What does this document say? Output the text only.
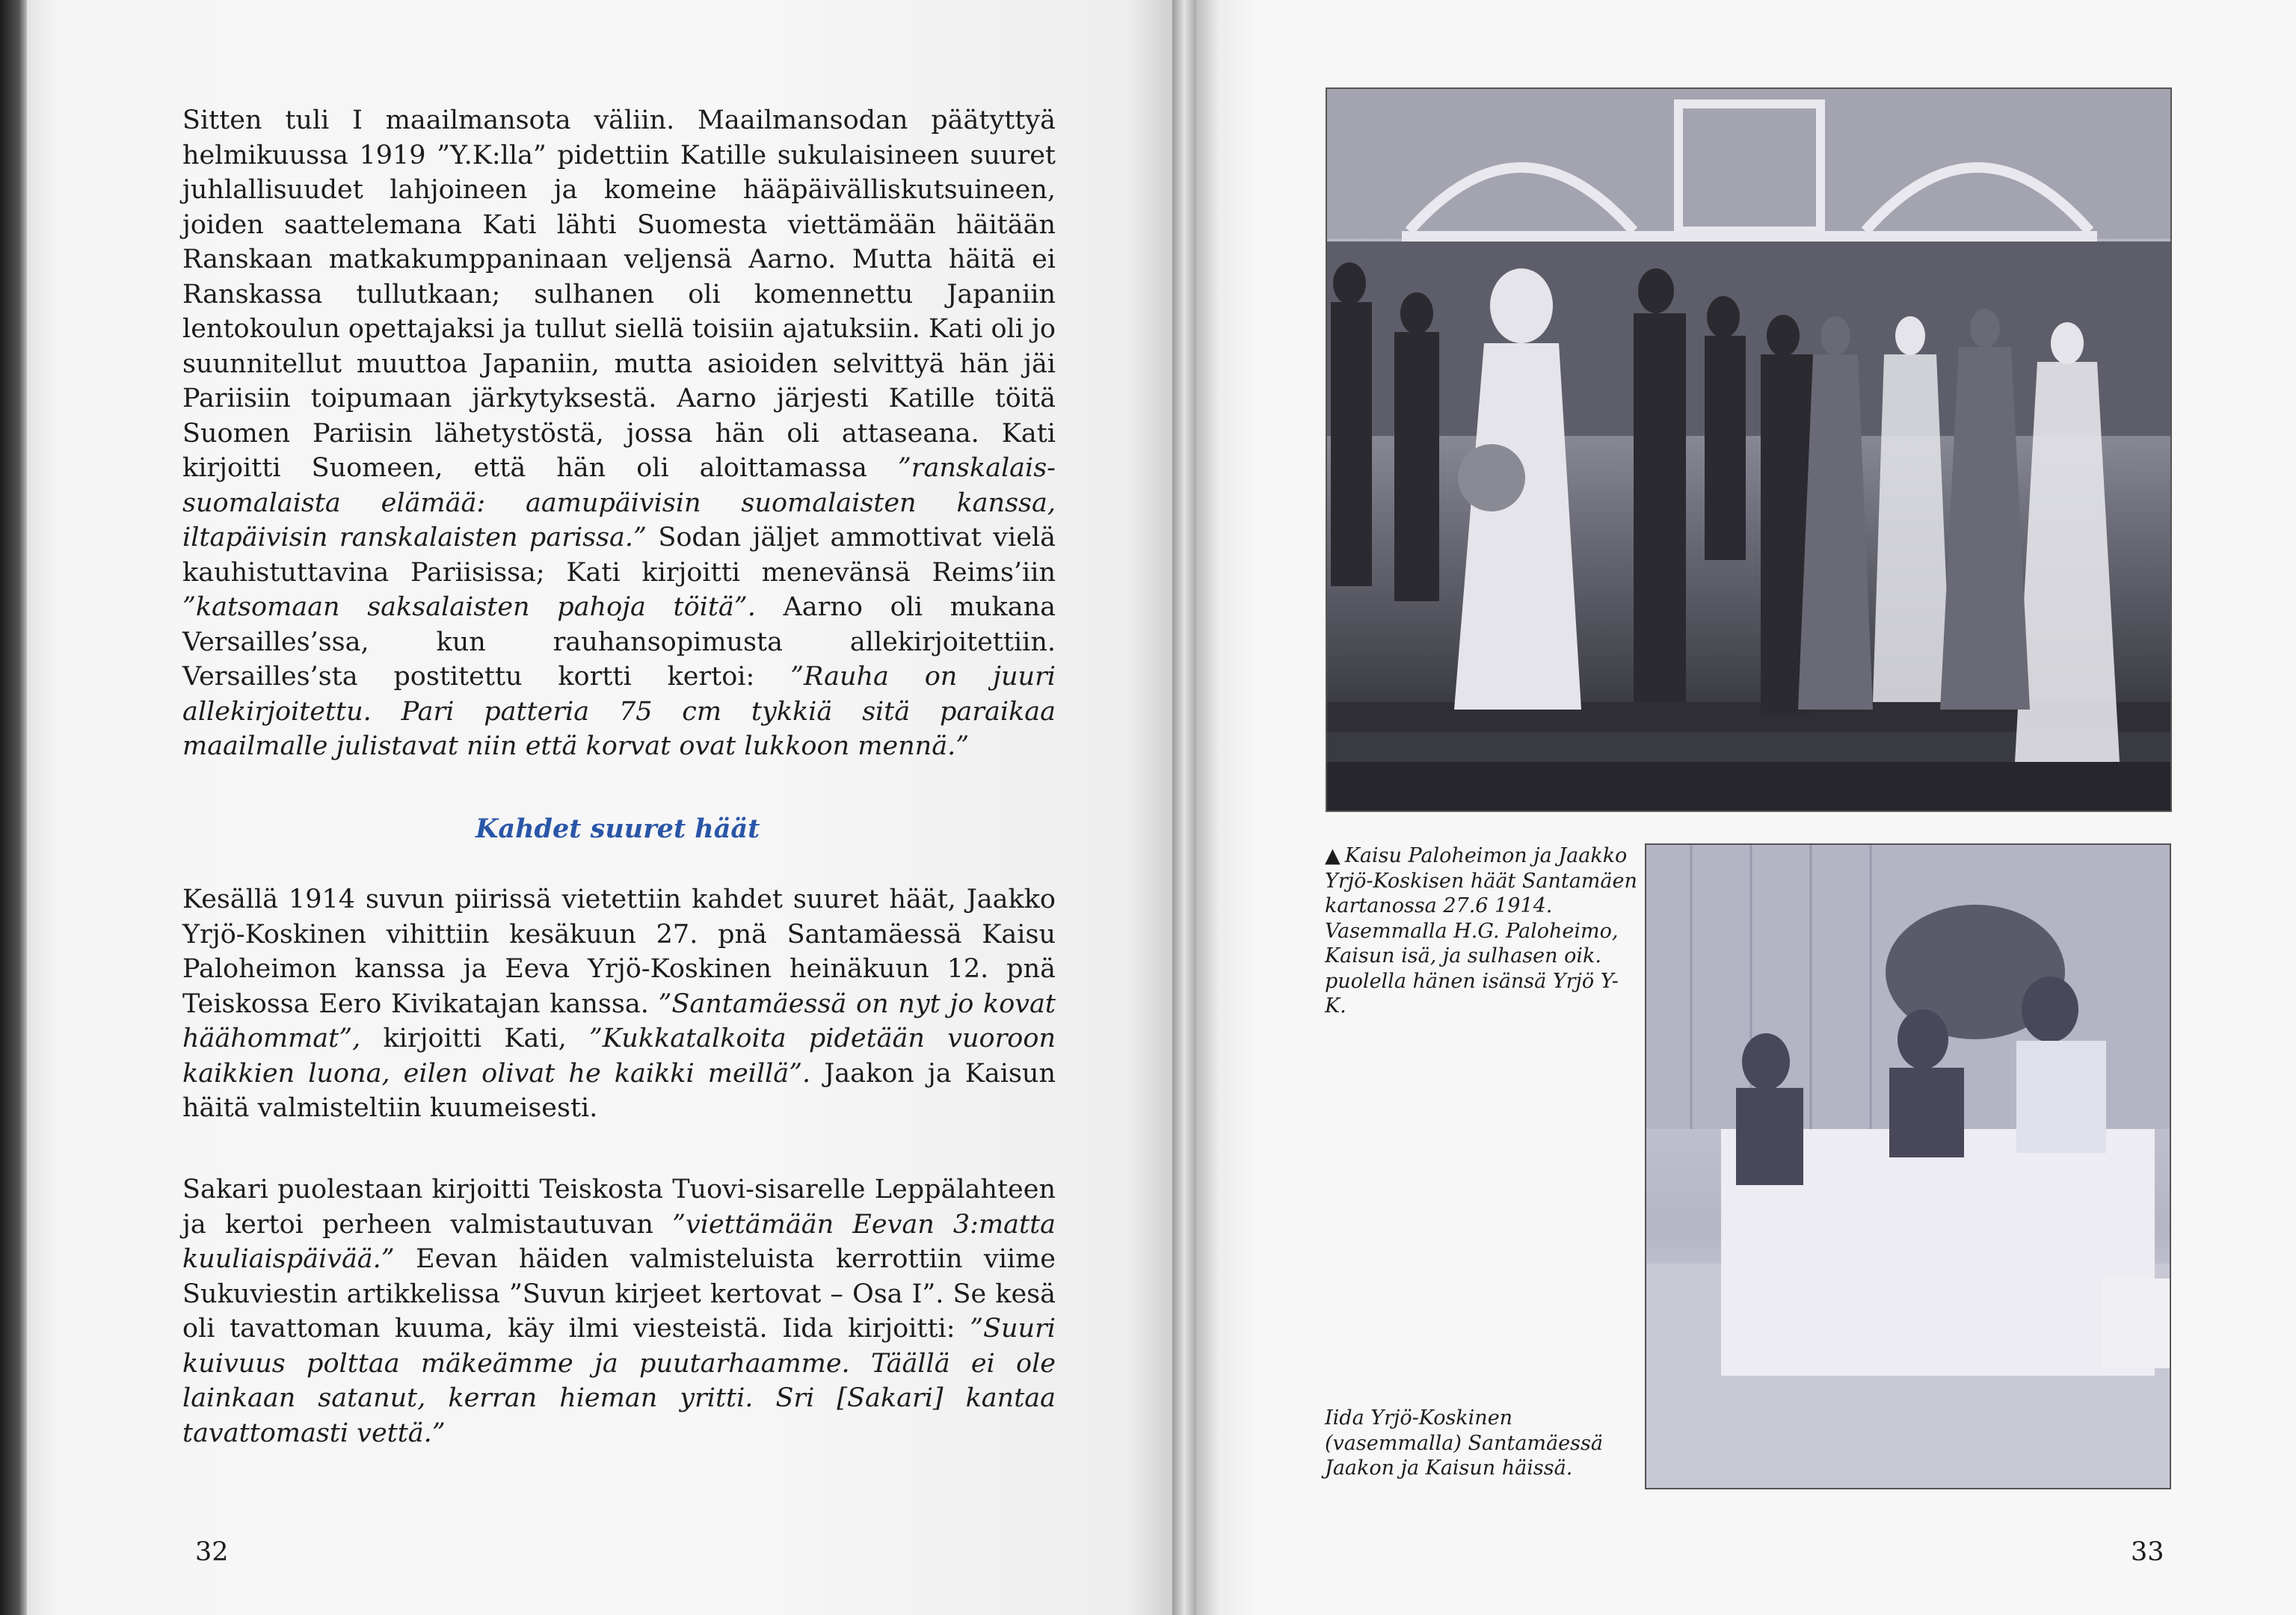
Sitten tuli I maailmansota väliin. Maailmansodan päätyttyä helmikuussa 1919 ”Y.K:lla” pidettiin Katille sukulaisineen suuret juhlallisuudet lahjoineen ja komeine hääpäivälliskutsuineen, joiden saattelemana Kati lähti Suomesta viettämään häitään Ranskaan matkakumppaninaan veljensä Aarno. Mutta häitä ei Ranskassa tullutkaan; sulhanen oli komennettu Japaniin lentokoulun opettajaksi ja tullut siellä toisiin ajatuksiin. Kati oli jo suunnitellut muuttoa Japaniin, mutta asioiden selvittyä hän jäi Pariisiin toipumaan järkytyksestä. Aarno järjesti Katille töitä Suomen Pariisin lähetystöstä, jossa hän oli attaseana. Kati kirjoitti Suomeen, että hän oli aloittamassa ”ranskalais-suomalaista elämää: aamupäivisin suomalaisten kanssa, iltapäivisin ranskalaisten parissa.” Sodan jäljet ammottivat vielä kauhistuttavina Pariisissa; Kati kirjoitti menevänsä Reims’iin ”katsomaan saksalaisten pahoja töitä”. Aarno oli mukana Versailles’ssa, kun rauhansopimusta allekirjoitettiin. Versailles’sta postitettu kortti kertoi: ”Rauha on juuri allekirjoitettu. Pari patteria 75 cm tykkiä sitä paraikaa maailmalle julistavat niin että korvat ovat lukkoon mennä.”

Kahdet suuret häät

Kesällä 1914 suvun piirissä vietettiin kahdet suuret häät, Jaakko Yrjö-Koskinen vihittiin kesäkuun 27. pnä Santamäessä Kaisu Paloheimon kanssa ja Eeva Yrjö-Koskinen heinäkuun 12. pnä Teiskossa Eero Kivikatajan kanssa. ”Santamäessä on nyt jo kovat häähommat”, kirjoitti Kati, ”Kukkatalkoita pidetään vuoroon kaikkien luona, eilen olivat he kaikki meillä”. Jaakon ja Kaisun häitä valmisteltiin kuumeisesti.

Sakari puolestaan kirjoitti Teiskosta Tuovi-sisarelle Leppälahteen ja kertoi perheen valmistautuvan ”viettämään Eevan 3:matta kuuliaispäivää.” Eevan häiden valmisteluista kerrottiin viime Sukuviestin artikkelissa ”Suvun kirjeet kertovat – Osa I”. Se kesä oli tavattoman kuuma, käy ilmi viesteistä. Iida kirjoitti: ”Suuri kuivuus polttaa mäkeämme ja puutarhaamme. Täällä ei ole lainkaan satanut, kerran hieman yritti. Sri [Sakari] kantaa tavattomasti vettä.”

32

▲ Kaisu Paloheimon ja Jaakko Yrjö-Koskisen häät Santamäen kartanossa 27.6 1914. Vasemmalla H.G. Paloheimo, Kaisun isä, ja sulhasen oik. puolella hänen isänsä Yrjö Y-K.

Iida Yrjö-Koskinen (vasemmalla) Santamäessä Jaakon ja Kaisun häissä.

33
